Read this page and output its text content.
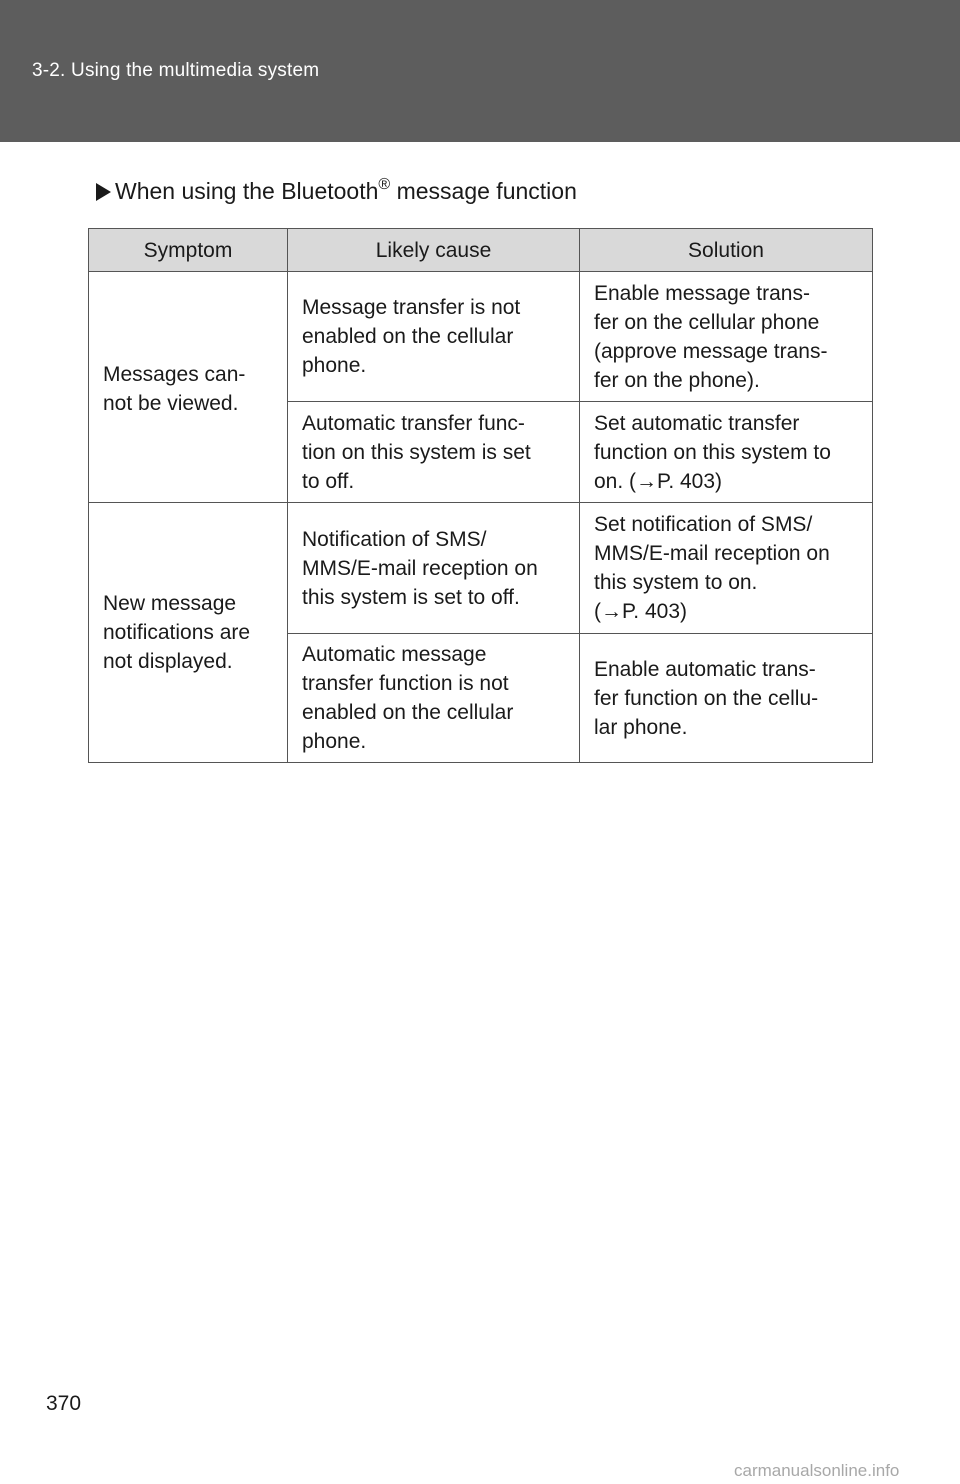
3-2. Using the multimedia system
When using the Bluetooth® message function
Symptom	Likely cause	Solution

Messages can-
not be viewed.	Message transfer is not
enabled on the cellular
phone.	Enable message trans-
fer on the cellular phone
(approve message trans-
fer on the phone).

	Automatic transfer func-
tion on this system is set
to off.	Set automatic transfer
function on this system to
on. (→P. 403)

New message
notifications are
not displayed.	Notification of SMS/
MMS/E-mail reception on
this system is set to off.	Set notification of SMS/
MMS/E-mail reception on
this system to on.
(→P. 403)

	Automatic message
transfer function is not
enabled on the cellular
phone.	Enable automatic trans-
fer function on the cellu-
lar phone.
370
carmanualsonline.info
